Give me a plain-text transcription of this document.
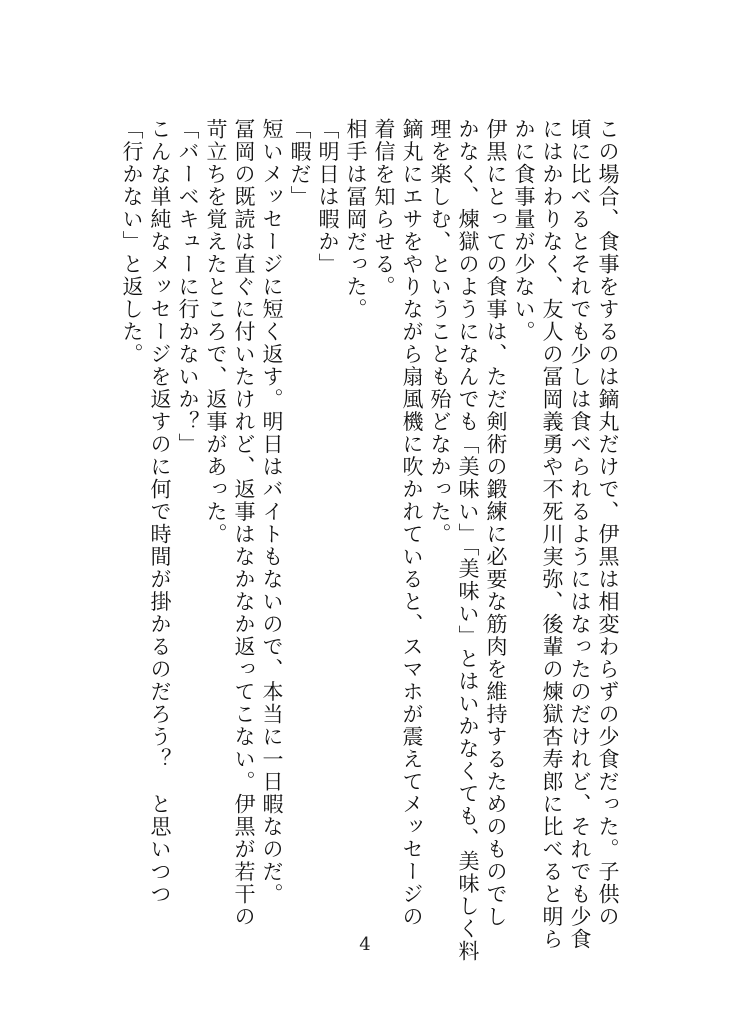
この場合、食事をするのは鏑丸だけで、伊黒は相変わらずの少食だった。子供の

頃に比べるとそれでも少しは食べられるようにはなったのだけれど、それでも少食

にはかわりなく、友人の冨岡義勇や不死川実弥、後輩の煉獄杏寿郎に比べると明ら

かに食事量が少ない。

伊黒にとっての食事は、ただ剣術の鍛練に必要な筋肉を維持するためのものでし

かなく、煉獄のようになんでも「美味い」「美味い」とはいかなくても、美味しく料

理を楽しむ、ということも殆どなかった。

鏑丸にエサをやりながら扇風機に吹かれていると、スマホが震えてメッセージの

着信を知らせる。

相手は冨岡だった。

「明日は暇か」

「暇だ」

短いメッセージに短く返す。明日はバイトもないので、本当に一日暇なのだ。

冨岡の既読は直ぐに付いたけれど、返事はなかなか返ってこない。伊黒が若干の

苛立ちを覚えたところで、返事があった。

「バーベキューに行かないか？」

こんな単純なメッセージを返すのに何で時間が掛かるのだろう？　と思いつつ

「行かない」と返した。

4
